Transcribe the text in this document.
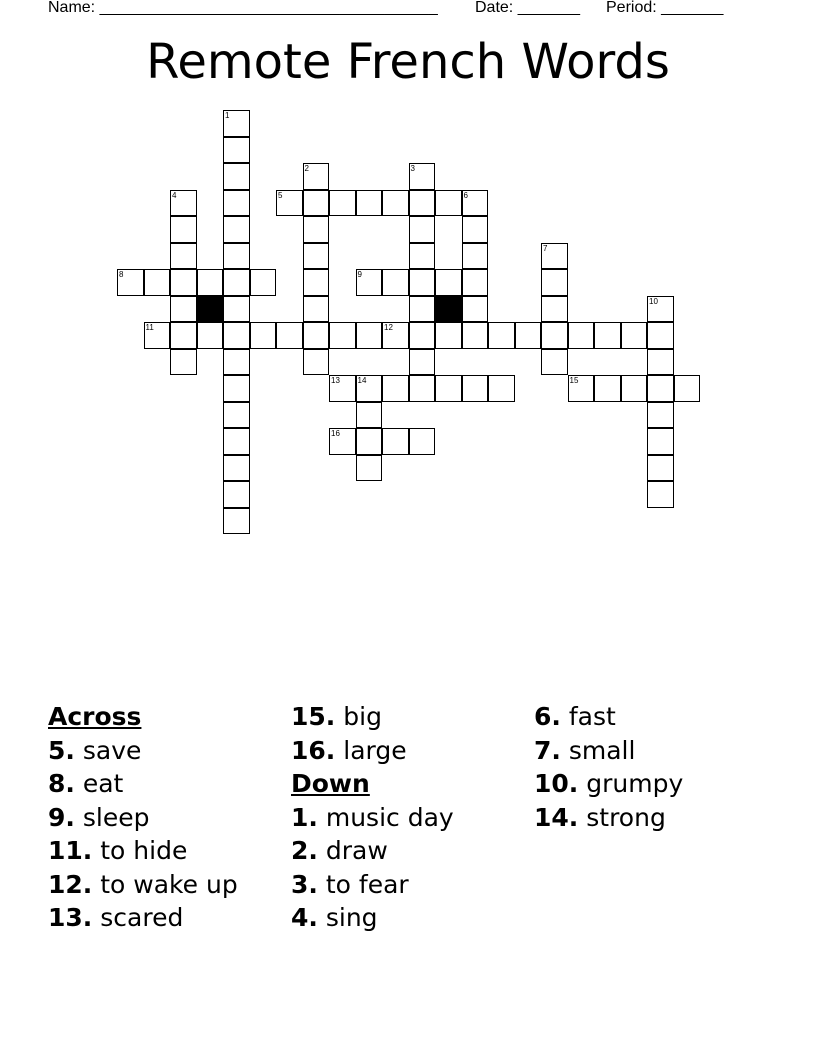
Name: ______________________________________ Date: _______ Period: _______
Remote French Words
1
2	3
4	5	6
7
8	9
10
11	12
13 14	15
16
Across
5. save
8. eat
9. sleep
11. to hide
12. to wake up
13. scared
15. big
16. large
Down
1. music day
2. draw
3. to fear
4. sing
6. fast
7. small
10. grumpy
14. strong
